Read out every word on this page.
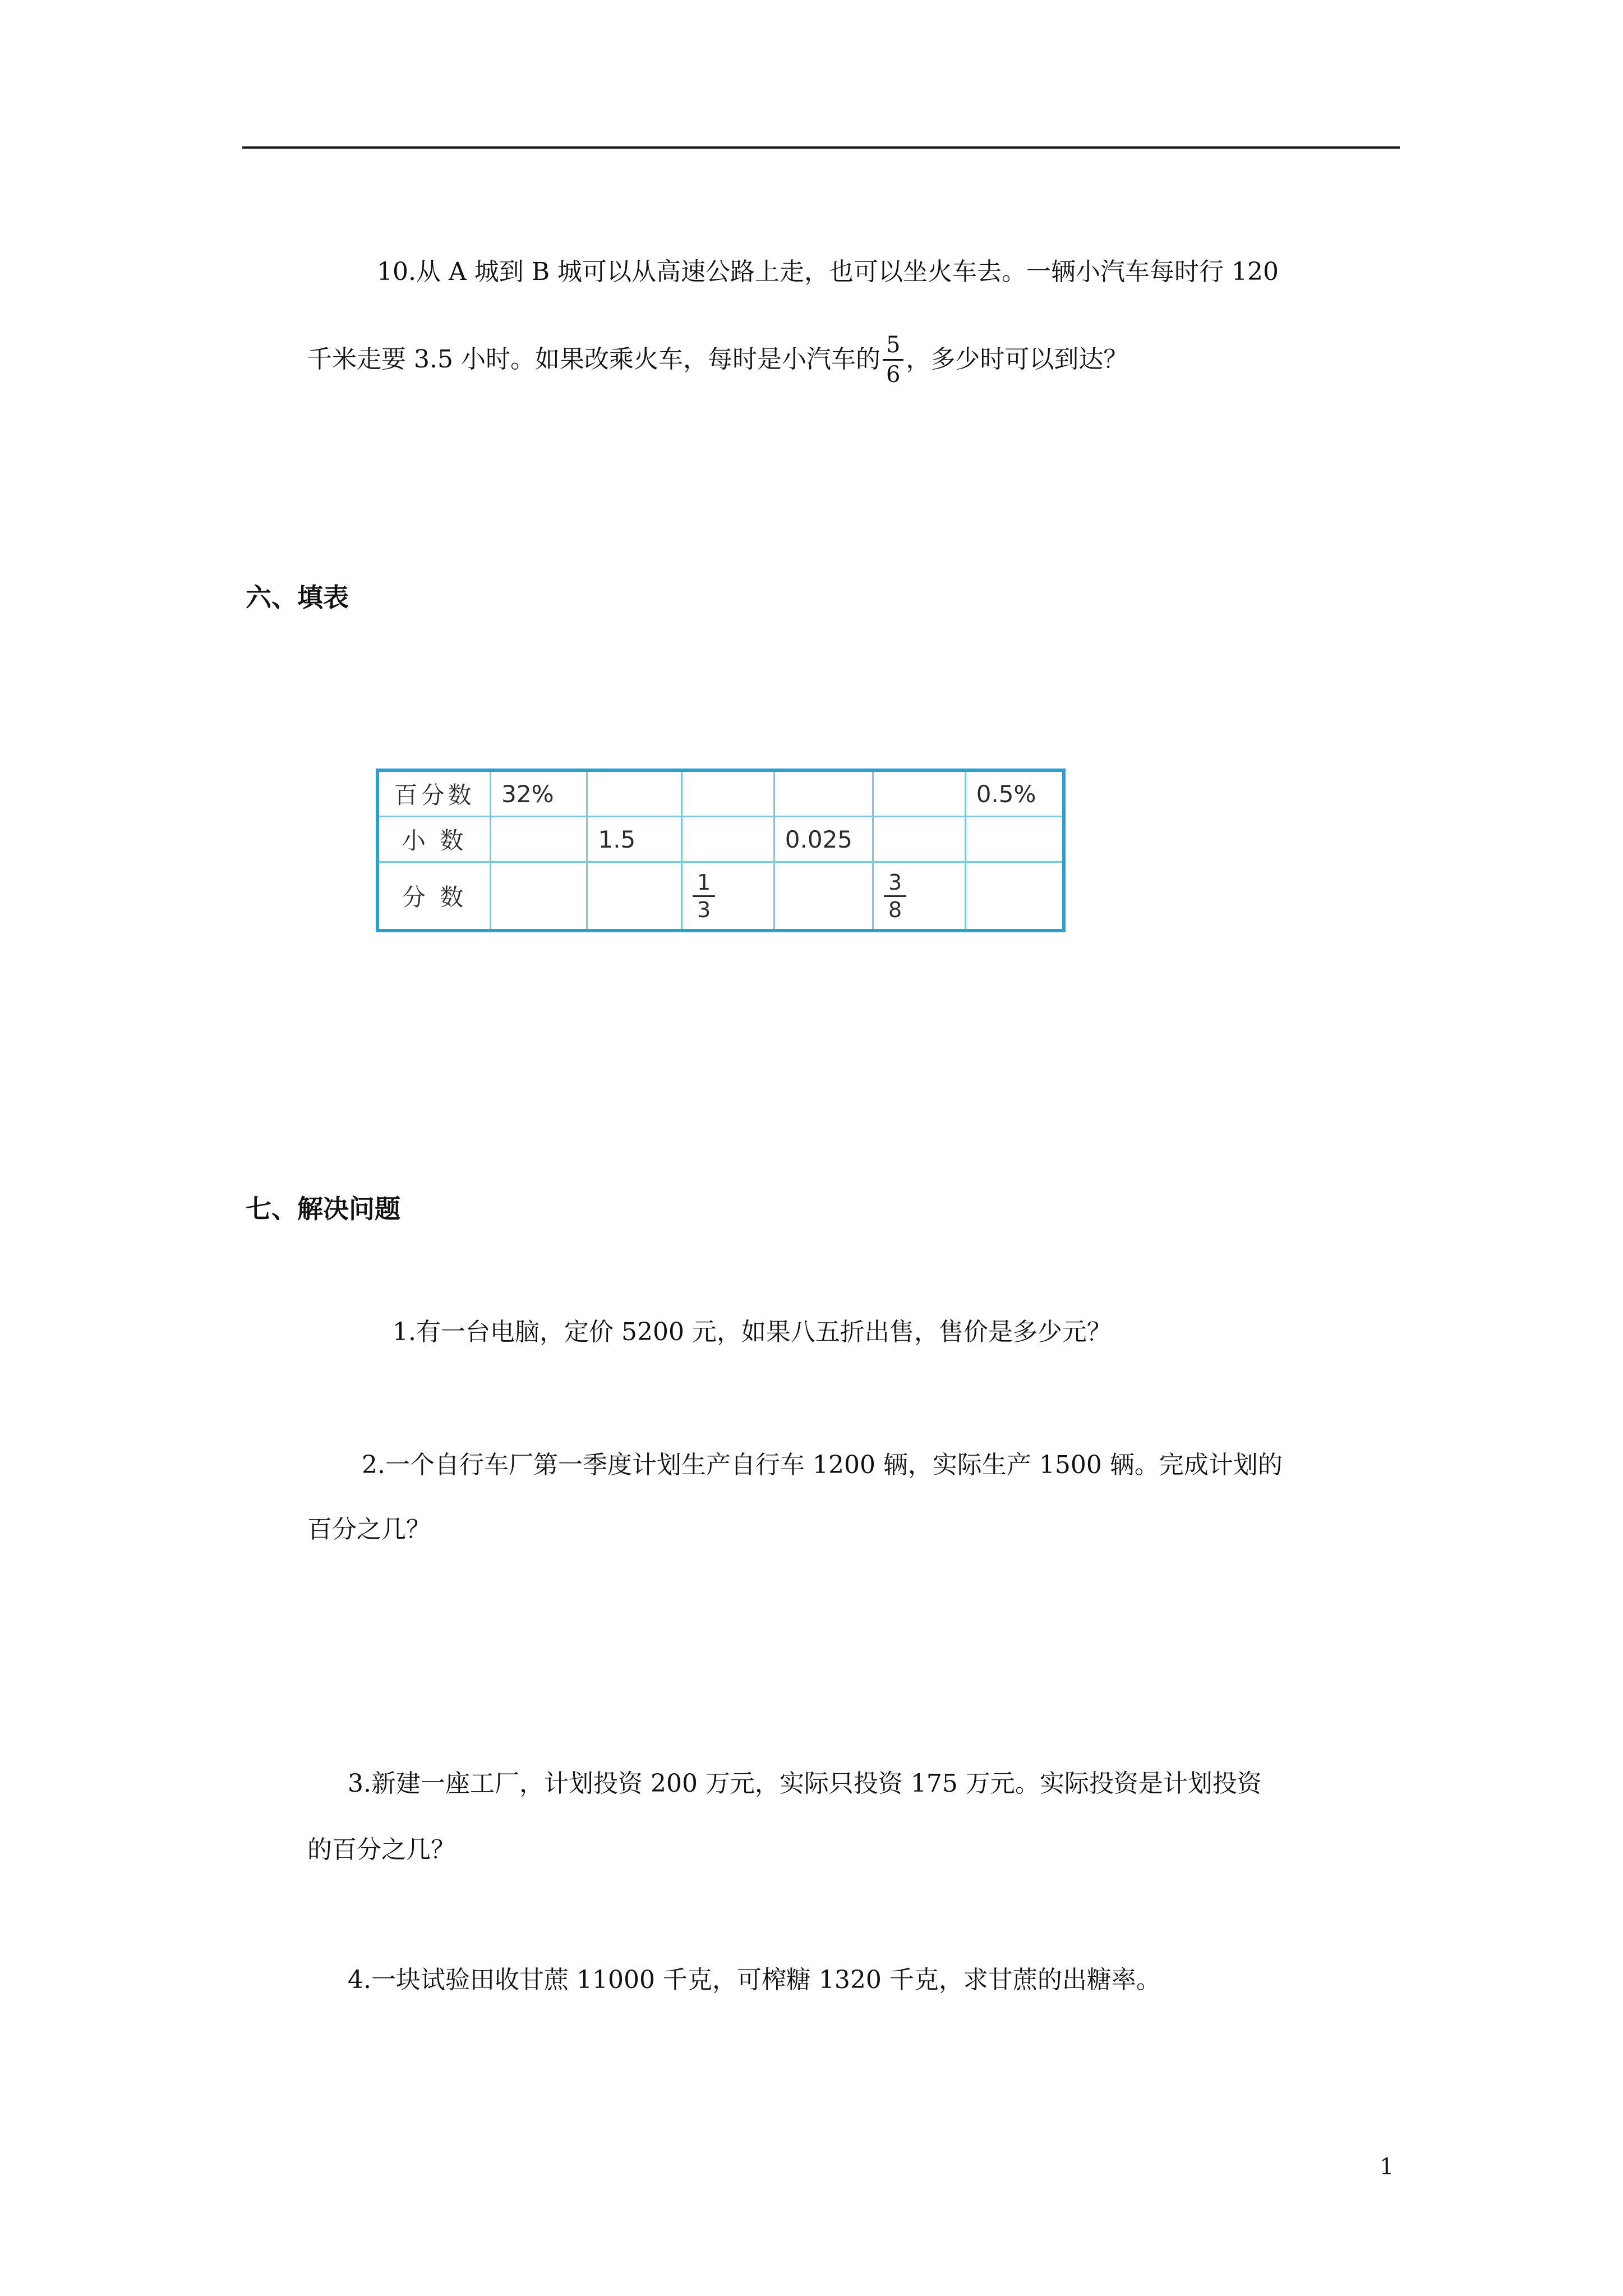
10.从 A 城到 B 城可以从高速公路上走，也可以坐火车去。一辆小汽车每时行 120
千米走要 3.5 小时。如果改乘火车，每时是小汽车的 $\frac{5}{6}$ ，多少时可以到达？
六、填表
百分数	32%					0.5%
小 数		1.5		0.025		
分 数			$\frac{1}{3}$		$\frac{3}{8}$

七、解决问题
1.有一台电脑，定价 5200 元，如果八五折出售，售价是多少元？
2.一个自行车厂第一季度计划生产自行车 1200 辆，实际生产 1500 辆。完成计划的
百分之几？
3.新建一座工厂，计划投资 200 万元，实际只投资 175 万元。实际投资是计划投资
的百分之几？
4.一块试验田收甘蔗 11000 千克，可榨糖 1320 千克，求甘蔗的出糖率。
1
